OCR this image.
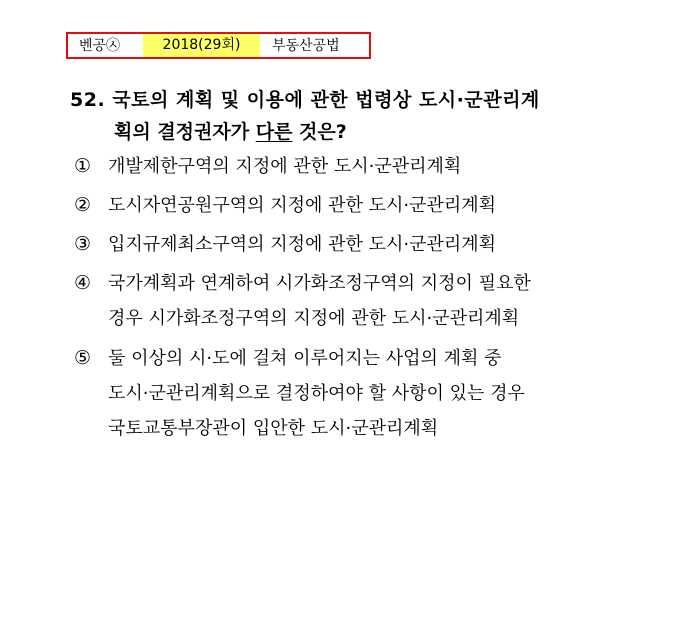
벤공㉦	2018(29회)	부동산공법
52. 국토의 계획 및 이용에 관한 법령상 도시·군관리계
획의 결정권자가 다른 것은?
① 개발제한구역의 지정에 관한 도시·군관리계획
② 도시자연공원구역의 지정에 관한 도시·군관리계획
③ 입지규제최소구역의 지정에 관한 도시·군관리계획
④ 국가계획과 연계하여 시가화조정구역의 지정이 필요한
경우 시가화조정구역의 지정에 관한 도시·군관리계획
⑤ 둘 이상의 시·도에 걸쳐 이루어지는 사업의 계획 중
도시·군관리계획으로 결정하여야 할 사항이 있는 경우
국토교통부장관이 입안한 도시·군관리계획
